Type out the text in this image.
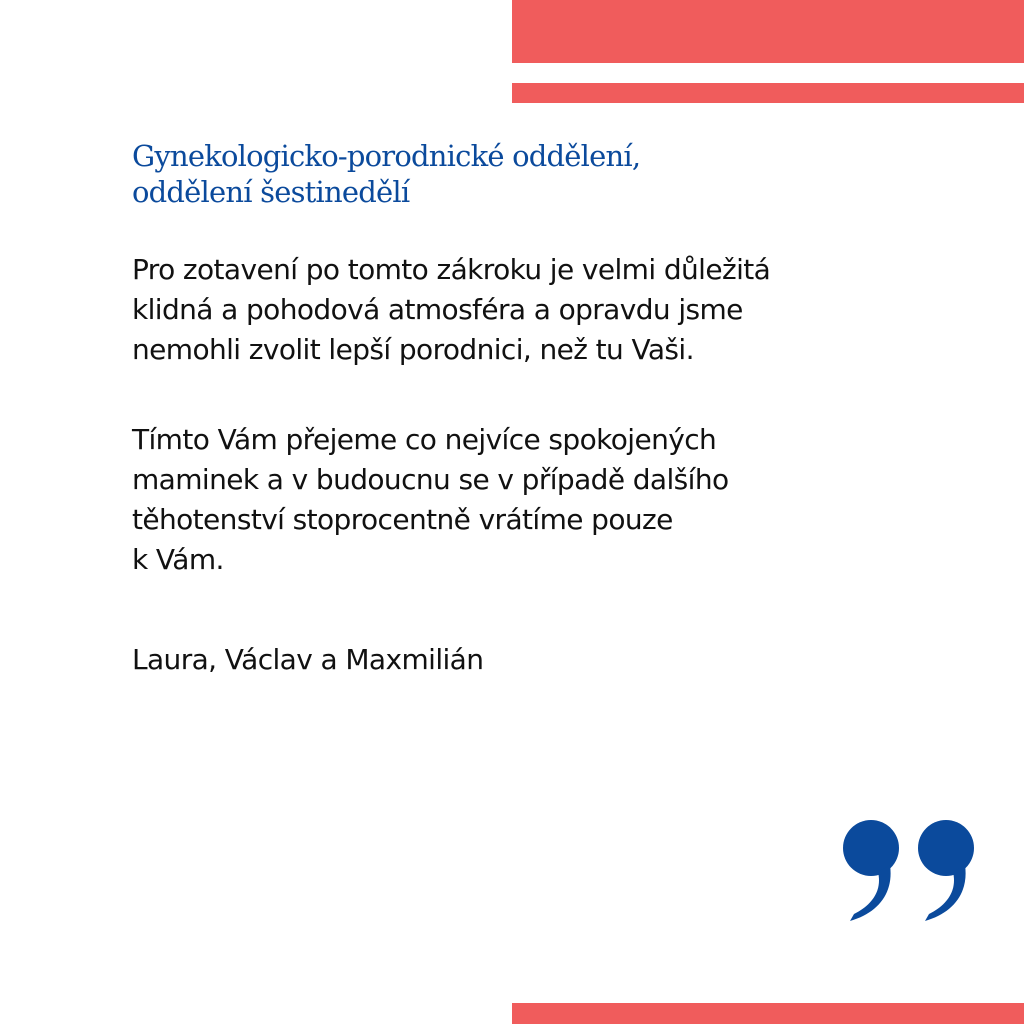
Gynekologicko-porodnické oddělení,
oddělení šestinedělí

Pro zotavení po tomto zákroku je velmi důležitá
klidná a pohodová atmosféra a opravdu jsme
nemohli zvolit lepší porodnici, než tu Vaši.

Tímto Vám přejeme co nejvíce spokojených
maminek a v budoucnu se v případě dalšího
těhotenství stoprocentně vrátíme pouze
k Vám.

Laura, Václav a Maxmilián
